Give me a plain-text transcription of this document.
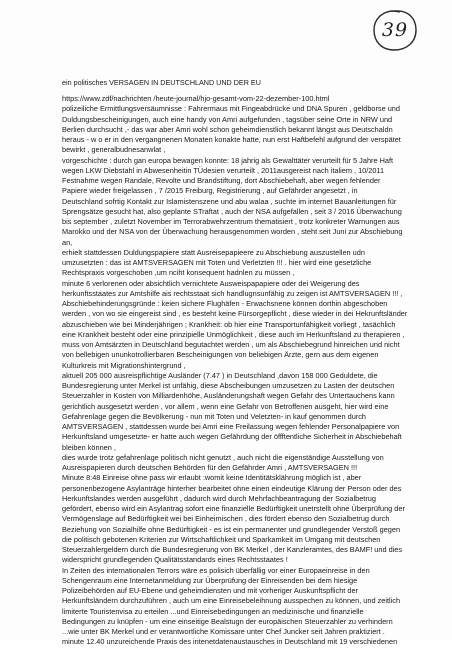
39
ein politisches VERSAGEN IN DEUTSCHLAND UND DER EU
https://www.zdf/nachrichten /heute-journal/hjo-gesamt-vom-22-dezember-100.html
polizeiliche Ermittlungsversäumnisse : Fahrermaus mit Fingeabdrücke und DNA Spuren , geldborse und
Duldungsbescheinigungen, auch eine handy von Amri aufgefunden , tagsüber seine Orte in NRW und
Berlien durchsucht ,- das war aber Amri wohl schon geheimdienstlich bekannt längst aus Deutschaldn
heraus - w o er in den vergangnenen Monaten konakte hatte, nun erst Haftbefehl aufgrund der verspätet
bewirkt , generalbudnesanwlat ,
vorgeschichte : durch gan europa bewagen konnte: 18 jahrig als Gewalttäter verurteilt für 5 Jahre Haft
wegen LKW Diebstahl in Abwesenheitin TÜdesien verurteilt , 2011ausgereist nach italiem , 10/2011
Festnahme wegen Randale, Revolte und Brandstiftung, dort Abschiebehaft, aber wegen fehlender
Papiere wieder freigelassen , 7 /2015 Freiburg, Registrierung , auf Gefährder angesetzt , in
Deutschland sofrtig Kontakt zur Islamistenszene und abu walaa , suchte im internet Bauanleitungen für
Sprengsätze gesucht hat, also geplante STraftat , auch der NSA aufgefallen , seit 3 / 2016 Überwachung
bis september , zuletzt November im Terrorabwehrzentrum thematisiert , trotz konkreter Warnungen aus
Marokko und der NSA von der Überwachung herausgenommen worden , steht seit Juni zur Abschiebung
an,
erhielt stattdessen Duldungspapiere statt Ausreisepapieere zu Abschiebung auszustellen udn
umzusetzten : das ist AMTSVERSAGEN mit Toten und Verletzten !!! . hier wird eine gesetzliche
Rechtspraxis vorgeschoben ,um nciht konsequent hadnlen zu müssen ,
minute 6 verlorenen oder absichtlich vernichtete Ausweispapapiere oder dei Weigerung des
herkunftsstaates zur Amtshilfe ais rechtsstaat sich handlugnsunfähig zu zeigen ist AMTSVERSAGEN !!! ,
Abschiebehinderungsgründe : keien sichere Flughäfen - Erwachsnene können dorthin abgeschoben
werden , von wo sie eingereist sind , es besteht keine Fürsorgepflicht , diese wieder in dei Hekrunftsländer
abzuschieben wie bei Minderjährigen ; Krankheit: ob hier eine Transportunfähigkeit vorliegt , tasächlich
eine Krankheit besteht oder eine prinzipielle Unmöglichkeit , diese auch im Herkunftsland zu therapieren ,
muss von Amtsärzten in Deutschland begutachtet werden , um als Abschiebegrund hinreichen und nicht
von bellebigen ununkotrollierbaren Bescheinigungen von beliebigen Ärzte, gern aus dem eigenen
Kulturkreis mit Migrationshintergrund ,
aktuell 205 000 ausreispflichtige Ausländer (7.47 ) in Deutschland ,davon 158 000 Geduldete, die
Bundesregierung unter Merkel ist unfähig, diese Abscheibungen umzusetzen zu Lasten der deutschen
Steuerzahler in Kosten von Milliardenhöhe, Ausländerungshaft wegen Gefahr des Untertauchens kann
gerichtlich ausgesetzt werden , vor allem , wenn eine Gefahr von Betroffenen ausgeht, hier wird eine
Gefahrenlage gegen die Bevölkerung - nun mit Toten und Veletzten- in kauf genommen durch
AMTSVERSAGEN , stattdessen wurde bei Amri eine Freilassung wegen fehlender Personalpapiere von
Herkunftsland umgesetzte- er hatte auch wegen Gefährdung der öffftentliche Sicherheit in Abschiebehaft
bleiben können ,
dies wurde trotz gefahrenlage politisch nicht genutzt , auch nicht die eigenständige Ausstellung von
Ausreispapieren durch deutschen Behörden für den Gefährder Amri , AMTSVERSAGEN !!!
Minute 8:48 Einreise ohne pass wir erlaubt :womit keine Identitätsklährung möglich ist , aber
personenbezogene Asylanträge hinterher bearbeitet ohne einen eindeutige Klärung der Person oder des
Herkunftslandes werden ausgeführt , dadurch wird durch Mehrfachbeantragung der Sozialbetrug
gefördert, ebenso wird ein Asylantrag sofort eine finanzielle Bedürftigkeit unetrstellt ohne Überprüfung der
Vermögenslage auf Bedürftigkeit wei bei Einheimischen , dies fördert ebenso den Sozialbetrug durch
Beziehung von Sozialhilfe ohne Bedürftigkeit - es ist ein permanenter und grundlegender Verstoß gegen
die politisch gebotenen Kriterien zur Wirtschaftlichkeit und Sparkamkeit im Umgang mit deutschen
Steuerzahlergeldern durch die Bundesregierung von BK Merkel , der Kanzleramtes, des BAMF! und dies
widerspricht grundlegenden Qualitätsstandards eines Rechtsstaates !
In Zeiten des internationalen Terrors wäre es polisich überfällig vor einer Europaeinreise in den
Schengenraum eine Internetanmeldung zur Überprüfung der Einreisenden bei dem hiesige
Polizeibehörden auf EU-Ebene und geheimdiensten und mit vorheriger Auskunftspflicht der
Herkunftsländern durchzuführen , auch um eine Einreisebeleihnung ausspechen zu können, und zeitlich
limiterte Touristenvisa zu erteilen ...und Einreisebedingungen an medizinische und finanzielle
Bedingungen zu knüpfen - um eine einseitige Bealstugn der europäischen Steuerzahler zu verhindern
...wie unter BK Merkel und er verantwortliche Komissare unter Chef Juncker seit Jahren praktiziert .
minute 12.40 unzureichende Praxis des intenetdatenaustausches in Deutschland mit 19 verschiedenen
